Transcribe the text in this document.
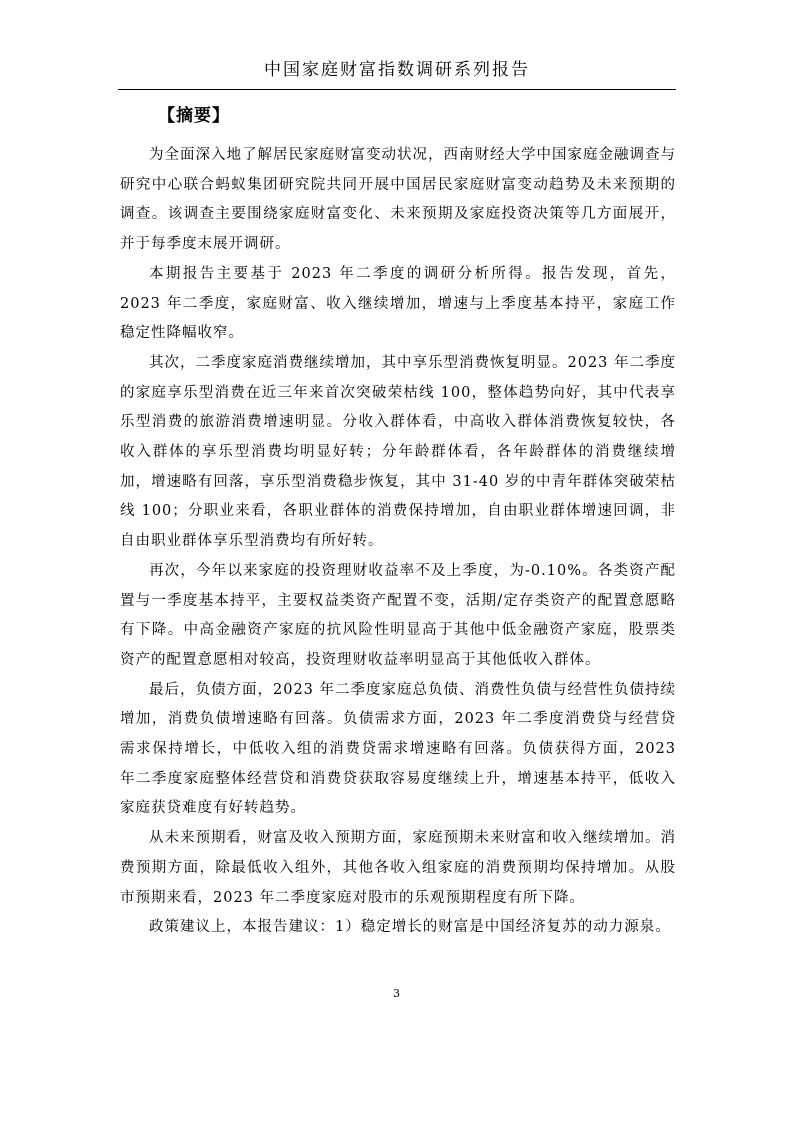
中国家庭财富指数调研系列报告
【摘要】

为全面深入地了解居民家庭财富变动状况，西南财经大学中国家庭金融调查与研究中心联合蚂蚁集团研究院共同开展中国居民家庭财富变动趋势及未来预期的调查。该调查主要围绕家庭财富变化、未来预期及家庭投资决策等几方面展开，并于每季度末展开调研。

本期报告主要基于 2023 年二季度的调研分析所得。报告发现，首先，2023 年二季度，家庭财富、收入继续增加，增速与上季度基本持平，家庭工作稳定性降幅收窄。

其次，二季度家庭消费继续增加，其中享乐型消费恢复明显。2023 年二季度的家庭享乐型消费在近三年来首次突破荣枯线 100，整体趋势向好，其中代表享乐型消费的旅游消费增速明显。分收入群体看，中高收入群体消费恢复较快，各收入群体的享乐型消费均明显好转；分年龄群体看，各年龄群体的消费继续增加，增速略有回落，享乐型消费稳步恢复，其中 31-40 岁的中青年群体突破荣枯线 100；分职业来看，各职业群体的消费保持增加，自由职业群体增速回调，非自由职业群体享乐型消费均有所好转。

再次，今年以来家庭的投资理财收益率不及上季度，为-0.10%。各类资产配置与一季度基本持平，主要权益类资产配置不变，活期/定存类资产的配置意愿略有下降。中高金融资产家庭的抗风险性明显高于其他中低金融资产家庭，股票类资产的配置意愿相对较高，投资理财收益率明显高于其他低收入群体。

最后，负债方面，2023 年二季度家庭总负债、消费性负债与经营性负债持续增加，消费负债增速略有回落。负债需求方面，2023 年二季度消费贷与经营贷需求保持增长，中低收入组的消费贷需求增速略有回落。负债获得方面，2023 年二季度家庭整体经营贷和消费贷获取容易度继续上升，增速基本持平，低收入家庭获贷难度有好转趋势。

从未来预期看，财富及收入预期方面，家庭预期未来财富和收入继续增加。消费预期方面，除最低收入组外，其他各收入组家庭的消费预期均保持增加。从股市预期来看，2023 年二季度家庭对股市的乐观预期程度有所下降。

政策建议上，本报告建议：1）稳定增长的财富是中国经济复苏的动力源泉。

3
